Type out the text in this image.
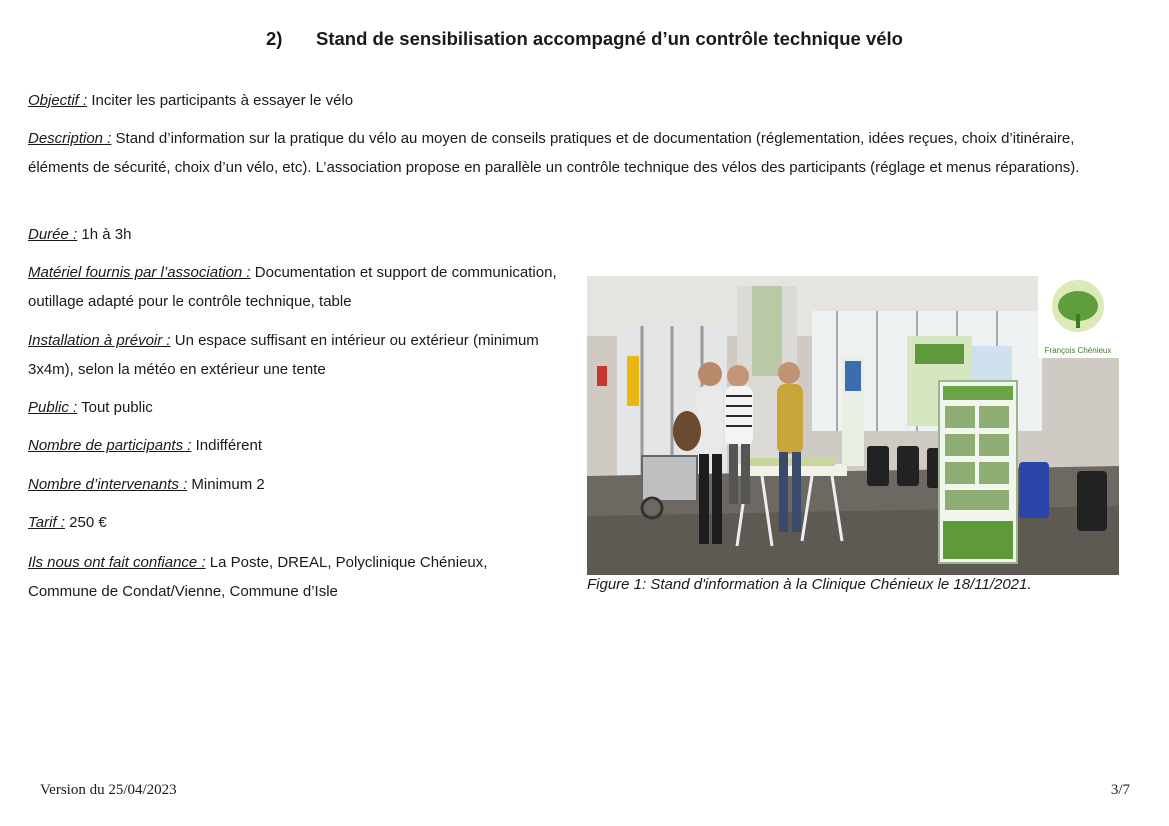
2) Stand de sensibilisation accompagné d’un contrôle technique vélo
Objectif : Inciter les participants à essayer le vélo
Description : Stand d’information sur la pratique du vélo au moyen de conseils pratiques et de documentation (réglementation, idées reçues, choix d’itinéraire, éléments de sécurité, choix d’un vélo, etc). L’association propose en parallèle un contrôle technique des vélos des participants (réglage et menus réparations).
Durée : 1h à 3h
Matériel fournis par l’association : Documentation et support de communication, outillage adapté pour le contrôle technique, table
Installation à prévoir : Un espace suffisant en intérieur ou extérieur (minimum 3x4m), selon la météo en extérieur une tente
Public : Tout public
Nombre de participants : Indifférent
Nombre d’intervenants : Minimum 2
Tarif : 250 €
Ils nous ont fait confiance : La Poste, DREAL, Polyclinique Chénieux, Commune de Condat/Vienne, Commune d’Isle
François Chénieux
Figure 1: Stand d'information à la Clinique Chénieux le 18/11/2021.
Version du 25/04/2023	3/7
